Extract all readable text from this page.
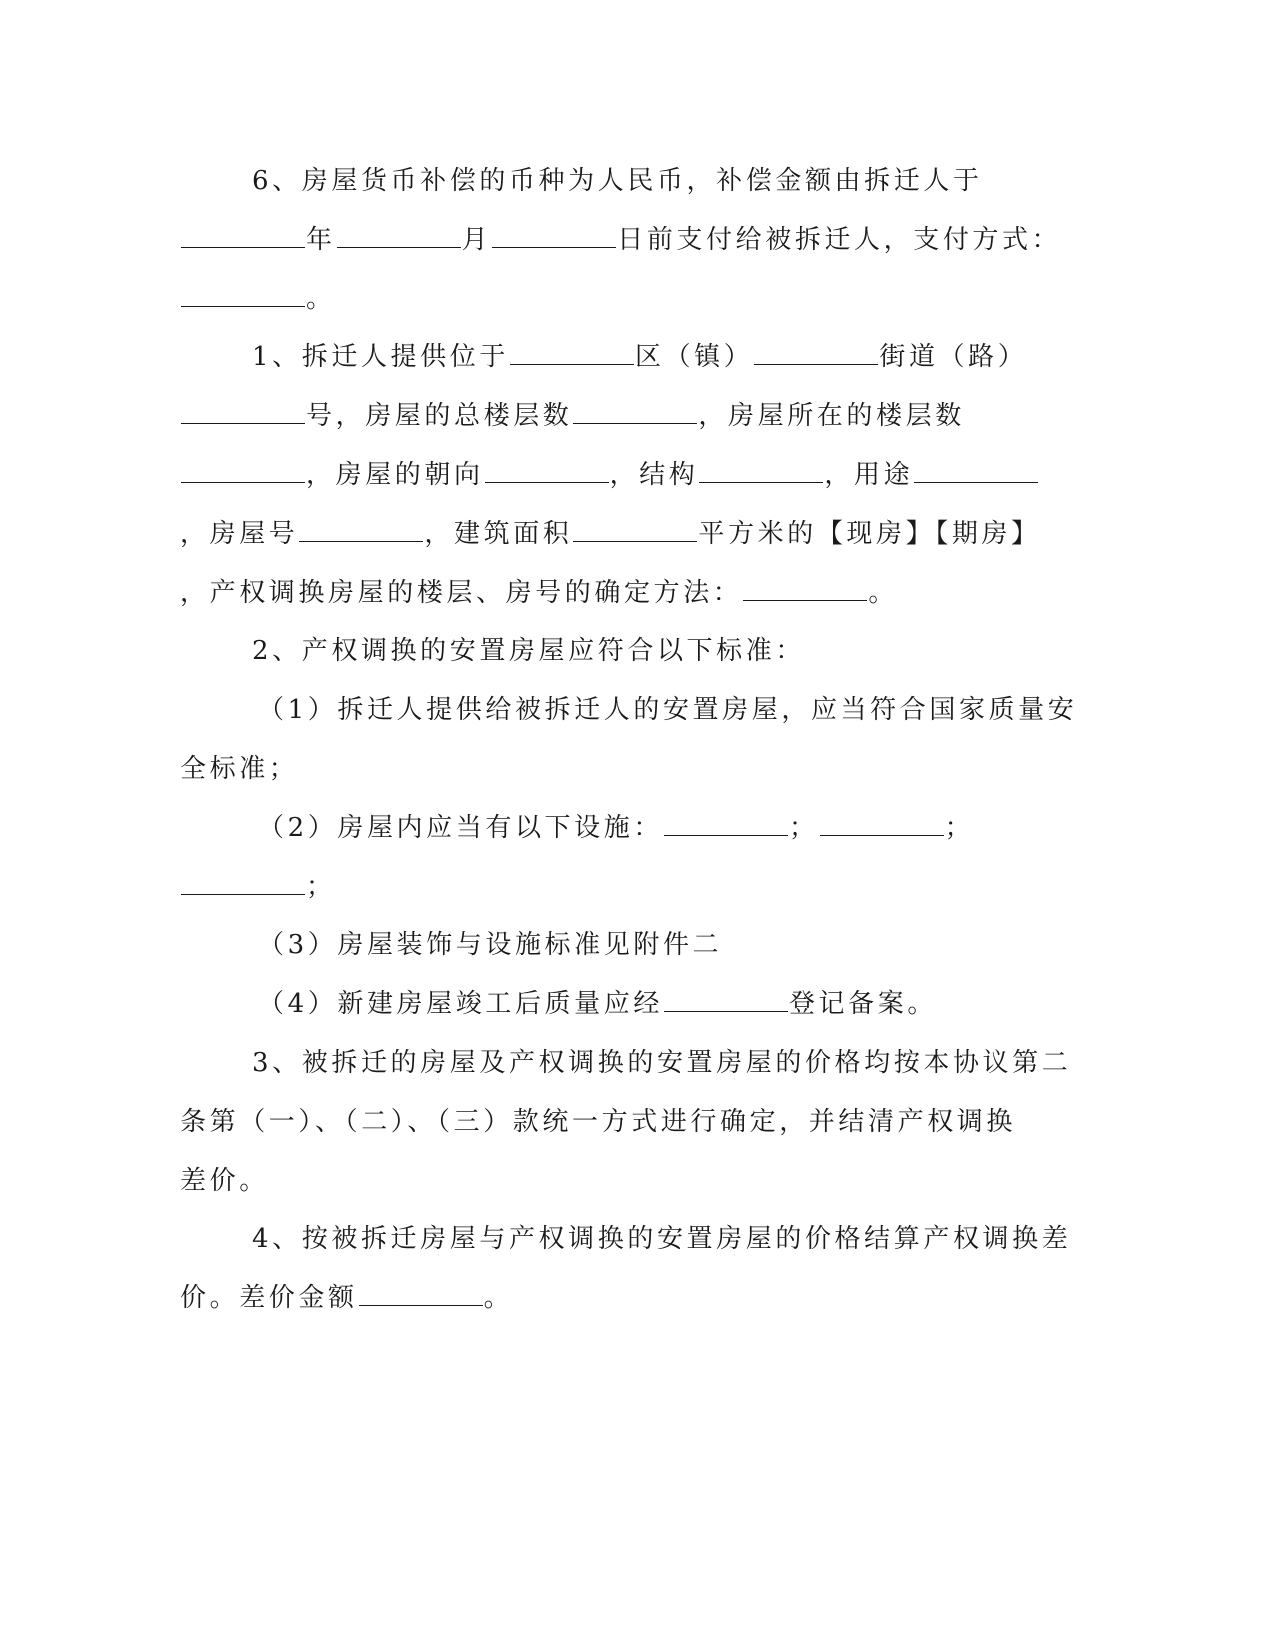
6、房屋货币补偿的币种为人民币，补偿金额由拆迁人于
年	月	日前支付给被拆迁人，支付方式：
。
1、拆迁人提供位于	区（镇）	街道（路）
号，房屋的总楼层数	，房屋所在的楼层数
，房屋的朝向	，结构	，用途
，房屋号	，建筑面积	平方米的【现房】【期房】
，产权调换房屋的楼层、房号的确定方法：	。
2、产权调换的安置房屋应符合以下标准：
（1）拆迁人提供给被拆迁人的安置房屋，应当符合国家质量安
全标准；
（2）房屋内应当有以下设施：	；	；
；
（3）房屋装饰与设施标准见附件二
（4）新建房屋竣工后质量应经	登记备案。
3、被拆迁的房屋及产权调换的安置房屋的价格均按本协议第二
条第（一）、（二）、（三）款统一方式进行确定，并结清产权调换
差价。
4、按被拆迁房屋与产权调换的安置房屋的价格结算产权调换差
价。差价金额	。
